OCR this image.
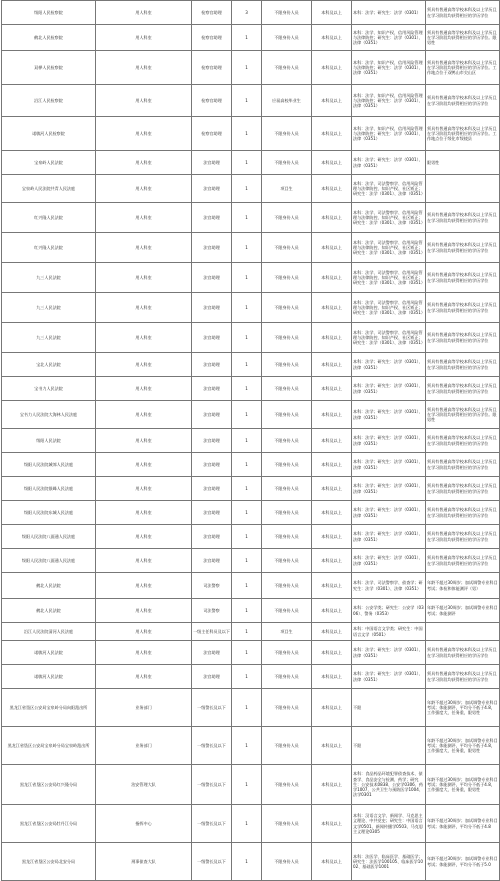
绥阳人民检察院	用人科室	检察官助理	3	不限身份人员	本科及以上	本科：法学；研究生：法学（0301）	须具有普通高等学校本科及以上学历且在学习阶段均获得相应的学历学位
鹤北人民检察院	用人科室	检察官助理	1	不限身份人员	本科及以上	本科：法学、知识产权、信用风险管理与法律防控；研究生：法学（0301）、法律（0351）	须具有普通高等学校本科及以上学历且在学习阶段均获得相应的学历学位。限男性
双桦人民检察院	用人科室	检察官助理	1	不限身份人员	本科及以上	本科：法学、知识产权、信用风险管理与法律防控；研究生：法学（0301）、法律（0351）	须具有普通高等学校本科及以上学历且在学习阶段均获得相应的学历学位。工作地点位于双鸭山市尖山区
沿江人民检察院	用人科室	检察官助理	1	应届高校毕业生	本科及以上	本科：法学、知识产权、信用风险管理与法律防控；研究生：法学（0301）、法律（0351）	须具有普通高等学校本科及以上学历且在学习阶段均获得相应的学历学位
诺敏河人民检察院	用人科室	检察官助理	1	不限身份人员	本科及以上	本科：法学、知识产权、信用风险管理与法律防控；研究生：法学（0301）、法律（0351）	须具有普通高等学校本科及以上学历且在学习阶段均获得相应的学历学位。工作地点位于绥化市绥棱县
宝泉岭人民法院	用人科室	法官助理	1	不限身份人员	本科及以上	本科：法学；研究生：法学（0301）、法律（0351）	限男性
宝泉岭人民法院共青人民法庭	用人科室	法官助理	1	项目生	本科及以上	本科：法学、司法警察学、信用风险管理与法律防控、知识产权、社区矫正；研究生：法学（0301）、法律（0351）	
红兴隆人民法院	用人科室	法官助理	1	不限身份人员	本科及以上	本科：法学、司法警察学、信用风险管理与法律防控、知识产权、社区矫正；研究生：法学（0301）、法律（0351）	须具有普通高等学校本科及以上学历且在学习阶段均获得相应的学历学位
红兴隆人民法院	用人科室	法官助理	1	不限身份人员	本科及以上	本科：法学、司法警察学、信用风险管理与法律防控、知识产权、社区矫正；研究生：法学（0301）、法律（0351）	须具有普通高等学校本科及以上学历且在学习阶段均获得相应的学历学位
九三人民法院	用人科室	法官助理	1	不限身份人员	本科及以上	本科：法学、司法警察学、信用风险管理与法律防控、知识产权、社区矫正；研究生：法学（0301）、法律（0351）	须具有普通高等学校本科及以上学历且在学习阶段均获得相应的学历学位
九三人民法院	用人科室	法官助理	1	不限身份人员	本科及以上	本科：法学、司法警察学、信用风险管理与法律防控、知识产权、社区矫正；研究生：法学（0301）、法律（0351）	须具有普通高等学校本科及以上学历且在学习阶段均获得相应的学历学位
九三人民法院	用人科室	法官助理	1	不限身份人员	本科及以上	本科：法学、司法警察学、信用风险管理与法律防控、知识产权、社区矫正；研究生：法学（0301）、法律（0351）	须具有普通高等学校本科及以上学历且在学习阶段均获得相应的学历学位
宝北人民法院	用人科室	法官助理	1	不限身份人员	本科及以上	本科：法学；研究生：法学（0301）、法律（0351）	须具有普通高等学校本科及以上学历且在学习阶段均获得相应的学历学位
宝书力人民法院	用人科室	法官助理	1	不限身份人员	本科及以上	本科：法学；研究生：法学（0301）、法律（0351）	须具有普通高等学校本科及以上学历且在学习阶段均获得相应的学历学位
宝书力人民法院大海林人民法庭	用人科室	法官助理	1	不限身份人员	本科及以上	本科：法学；研究生：法学（0301）、法律（0351）	须具有普通高等学校本科及以上学历且在学习阶段均获得相应的学历学位。限男性
绥阳人民法院	用人科室	法官助理	1	不限身份人员	本科及以上	本科：法学；研究生：法学（0301）、法律（0351）	须具有普通高等学校本科及以上学历且在学习阶段均获得相应的学历学位
绥阳人民法院城郊人民法庭	用人科室	法官助理	1	不限身份人员	本科及以上	本科：法学；研究生：法学（0301）、法律（0351）	须具有普通高等学校本科及以上学历且在学习阶段均获得相应的学历学位
绥阳人民法院银峰人民法庭	用人科室	法官助理	1	不限身份人员	本科及以上	本科：法学；研究生：法学（0301）、法律（0351）	须具有普通高等学校本科及以上学历且在学习阶段均获得相应的学历学位
绥阳人民法院东城人民法庭	用人科室	法官助理	1	不限身份人员	本科及以上	本科：法学；研究生：法学（0301）、法律（0351）	须具有普通高等学校本科及以上学历且在学习阶段均获得相应的学历学位
绥阳人民法院八面通人民法庭	用人科室	法官助理	1	不限身份人员	本科及以上	本科：法学；研究生：法学（0301）、法律（0351）	须具有普通高等学校本科及以上学历且在学习阶段均获得相应的学历学位
绥阳人民法院八面通人民法庭	用人科室	法官助理	1	不限身份人员	本科及以上	本科：法学；研究生：法学（0301）、法律（0351）	须具有普通高等学校本科及以上学历且在学习阶段均获得相应的学历学位
鹤北人民法院	用人科室	司法警察	1	不限身份人员	本科及以上	本科：法学、司法警察学、侦查学；研究生：法学（0301）、法律（0351）	年龄不超过30周岁；加试调警专业科目考试；体检和体能测评（男）
鹤北人民法院	用人科室	司法警察	1	不限身份人员	本科及以上	本科：公安学类；研究生：公安学（0306）、警务（0353）	年龄不超过30周岁；加试调警专业科目考试；体能测评
沿江人民法院清河人民法庭	用人科室	一级主任科员及以下	1	项目生	本科及以上	本科：中国语言文学类；研究生：中国语言文学（0501）	
诺敏河人民法院	用人科室	法官助理	1	不限身份人员	本科及以上	本科：法学；研究生：法学（0301）、法律（0351）	须具有普通高等学校本科及以上学历且在学习阶段均获得相应的学历学位
诺敏河人民法院	用人科室	法官助理	1	不限身份人员	本科及以上	本科：法学；研究生：法学（0301）、法律（0351）	须具有普通高等学校本科及以上学历且在学习阶段均获得相应的学历学位
黑龙江省垦区公安局宝泉岭分局向阳派出所	业务部门	一级警长及以下	1	不限身份人员	本科及以上	不限	年龄不超过30周岁；加试调警专业科目考试；体能测评，平均分不低于4.8，工作强度大，任务重，限男性
黑龙江省垦区公安局宝泉岭分局宝泉岭派出所	业务部门	一级警长及以下	1	不限身份人员	本科及以上	不限	年龄不超过30周岁；加试调警专业科目考试；体能测评，平均分不低于4.8，工作强度大，任务重，限男性
黑龙江省垦区公安局红兴隆分局	治安管理大队	一级警长及以下	1	不限身份人员	本科及以上	本科：食品药品环境犯罪侦查技术、侦查学、食品安全与检测、药学；研究生：公安技术0838、公安学0306、药学1007、公共卫生与预防医学1004、法学0301	年龄不超过30周岁；加试调警专业科目考试；体能测评，平均分不低于4.8，工作强度大，任务重，限男性
黑龙江省垦区公安局牡丹江分局	指挥中心	一级警长及以下	1	不限身份人员	本科及以上	本科：汉语言文学、新闻学、马克思主义理论、中共党史；研究生：中国语言文学0501、新闻传播学0503、马克思主义理论0305	年龄不超过30周岁；加试调警专业科目考试；体能测评，平均分不低于4.8
黑龙江省垦区公安局北安分局	刑事侦查大队	一级警长及以下	1	不限身份人员	本科及以上	本科：法医学、临床医学、基础医学；研究生：法医学100105、临床医学1002、基础医学1001	年龄不超过30周岁；加试调警专业科目考试；体能测评，平均分不低于5.0
